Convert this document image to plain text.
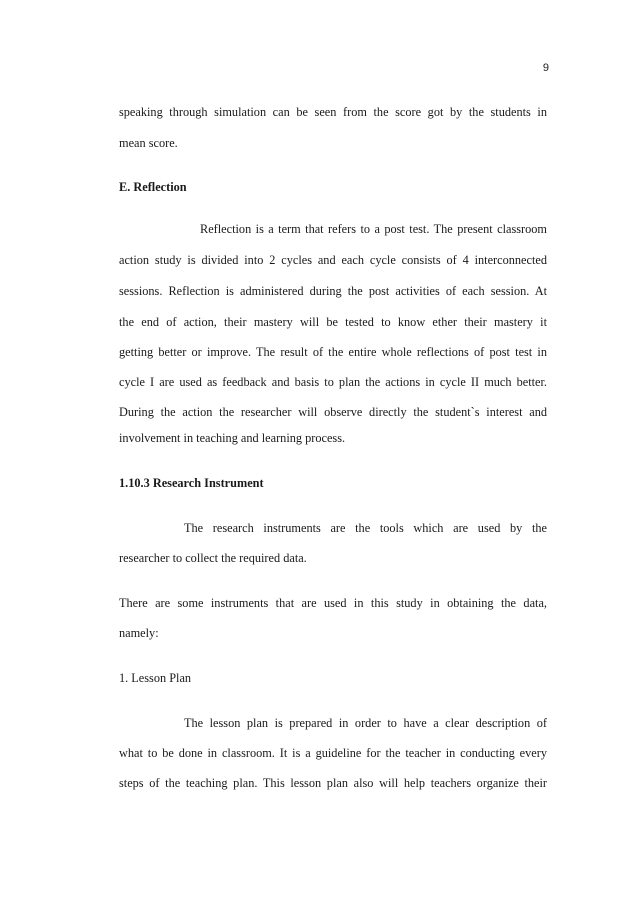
9
speaking through simulation can be seen from the score got by the students in
mean score.
E. Reflection
Reflection is a term that refers to a post test. The present classroom
action study is divided into 2 cycles and each cycle consists of 4 interconnected
sessions. Reflection is administered during the post activities of each session. At
the end of action, their mastery will be tested to know ether their mastery it
getting better or improve. The result of the entire whole reflections of post test in
cycle I are used as feedback and basis to plan the actions in cycle II much better.
During the action the researcher will observe directly the student`s interest and
involvement in teaching and learning process.
1.10.3 Research Instrument
The research instruments are the tools which are used by the
researcher to collect the required data.
There are some instruments that are used in this study in obtaining the data,
namely:
1. Lesson Plan
The lesson plan is prepared in order to have a clear description of
what to be done in classroom. It is a guideline for the teacher in conducting every
steps of the teaching plan. This lesson plan also will help teachers organize their
